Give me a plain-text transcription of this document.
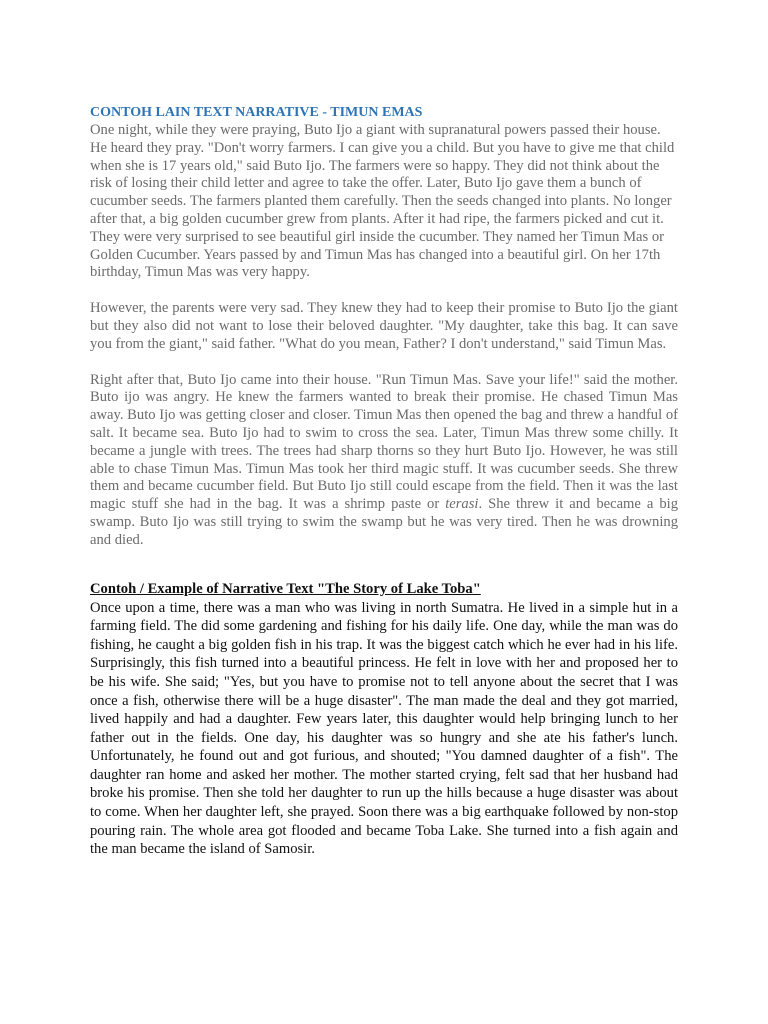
CONTOH LAIN TEXT NARRATIVE - TIMUN EMAS

One night, while they were praying, Buto Ijo a giant with supranatural powers passed their house. He heard they pray. "Don't worry farmers. I can give you a child. But you have to give me that child when she is 17 years old," said Buto Ijo. The farmers were so happy. They did not think about the risk of losing their child letter and agree to take the offer. Later, Buto Ijo gave them a bunch of cucumber seeds. The farmers planted them carefully. Then the seeds changed into plants. No longer after that, a big golden cucumber grew from plants. After it had ripe, the farmers picked and cut it. They were very surprised to see beautiful girl inside the cucumber. They named her Timun Mas or Golden Cucumber. Years passed by and Timun Mas has changed into a beautiful girl. On her 17th birthday, Timun Mas was very happy.

However, the parents were very sad. They knew they had to keep their promise to Buto Ijo the giant but they also did not want to lose their beloved daughter. "My daughter, take this bag. It can save you from the giant," said father. "What do you mean, Father? I don't understand," said Timun Mas.

Right after that, Buto Ijo came into their house. "Run Timun Mas. Save your life!" said the mother. Buto ijo was angry. He knew the farmers wanted to break their promise. He chased Timun Mas away. Buto Ijo was getting closer and closer. Timun Mas then opened the bag and threw a handful of salt. It became sea. Buto Ijo had to swim to cross the sea. Later, Timun Mas threw some chilly. It became a jungle with trees. The trees had sharp thorns so they hurt Buto Ijo. However, he was still able to chase Timun Mas. Timun Mas took her third magic stuff. It was cucumber seeds. She threw them and became cucumber field. But Buto Ijo still could escape from the field. Then it was the last magic stuff she had in the bag. It was a shrimp paste or terasi. She threw it and became a big swamp. Buto Ijo was still trying to swim the swamp but he was very tired. Then he was drowning and died.

Contoh / Example of Narrative Text "The Story of Lake Toba"

Once upon a time, there was a man who was living in north Sumatra. He lived in a simple hut in a farming field. The did some gardening and fishing for his daily life. One day, while the man was do fishing, he caught a big golden fish in his trap. It was the biggest catch which he ever had in his life. Surprisingly, this fish turned into a beautiful princess. He felt in love with her and proposed her to be his wife. She said; "Yes, but you have to promise not to tell anyone about the secret that I was once a fish, otherwise there will be a huge disaster". The man made the deal and they got married, lived happily and had a daughter. Few years later, this daughter would help bringing lunch to her father out in the fields. One day, his daughter was so hungry and she ate his father's lunch. Unfortunately, he found out and got furious, and shouted; "You damned daughter of a fish". The daughter ran home and asked her mother. The mother started crying, felt sad that her husband had broke his promise. Then she told her daughter to run up the hills because a huge disaster was about to come. When her daughter left, she prayed. Soon there was a big earthquake followed by non-stop pouring rain. The whole area got flooded and became Toba Lake. She turned into a fish again and the man became the island of Samosir.
